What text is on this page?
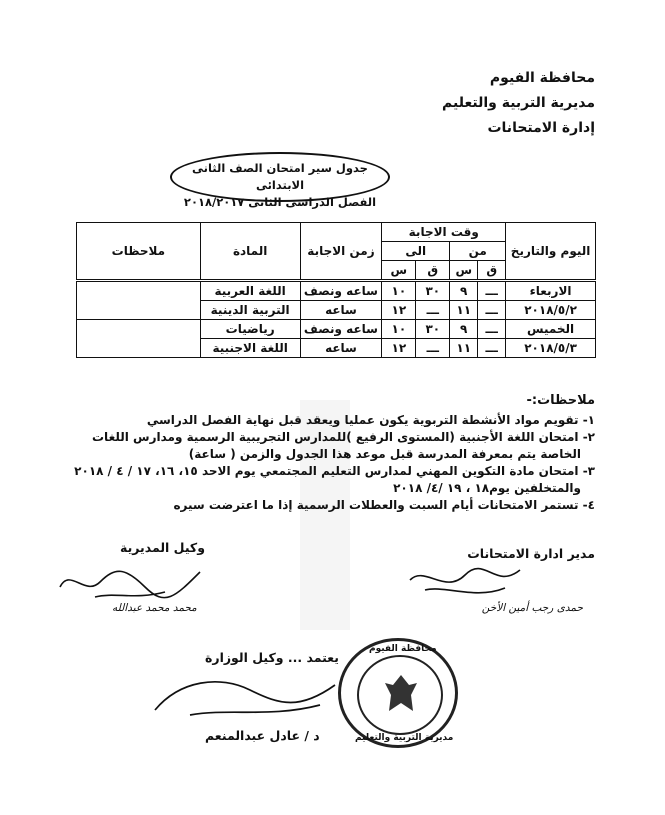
محافظة الفيوم
مديرية التربية والتعليم
إدارة الامتحانات
جدول سير امتحان الصف الثانى الابتدائى
الفصل الدراسى الثانى ٢٠١٨/٢٠١٧
اليوم والتاريخ	وقت الاجابة				زمن الاجابة	المادة	ملاحظات
	من		الى				
	ق	س	ق	س			
الاربعاء	ـــ	٩	٣٠	١٠	ساعه ونصف	اللغة العربية	
٢٠١٨/٥/٢	ـــ	١١	ـــ	١٢	ساعه	التربية الدينية	
الخميس	ـــ	٩	٣٠	١٠	ساعه ونصف	رياضيات	
٢٠١٨/٥/٣	ـــ	١١	ـــ	١٢	ساعه	اللغة الاجنبية	
ملاحظات:-
١- تقويم مواد الأنشطة التربوية يكون عمليا ويعقد قبل نهاية الفصل الدراسي
٢- امتحان اللغة الأجنبية (المستوى الرفيع )للمدارس التجريبية الرسمية ومدارس اللغات
الخاصة يتم بمعرفة المدرسة قبل موعد هذا الجدول والزمن ( ساعة)
٣- امتحان مادة التكوين المهني لمدارس التعليم المجتمعي يوم الاحد ١٥، ١٦، ١٧ / ٤ / ٢٠١٨
والمتخلفين يوم١٨ ، ١٩ /٤/ ٢٠١٨
٤- تستمر الامتحانات أيام السبت والعطلات الرسمية إذا ما اعترضت سيره
مدير ادارة الامتحانات
حمدى رجب أمين الأخن
وكيل المديرية
محمد محمد عبدالله
يعتمد ... وكيل الوزارة
د / عادل عبدالمنعم
محافظة الفيوم
مديرية التربية والتعليم
